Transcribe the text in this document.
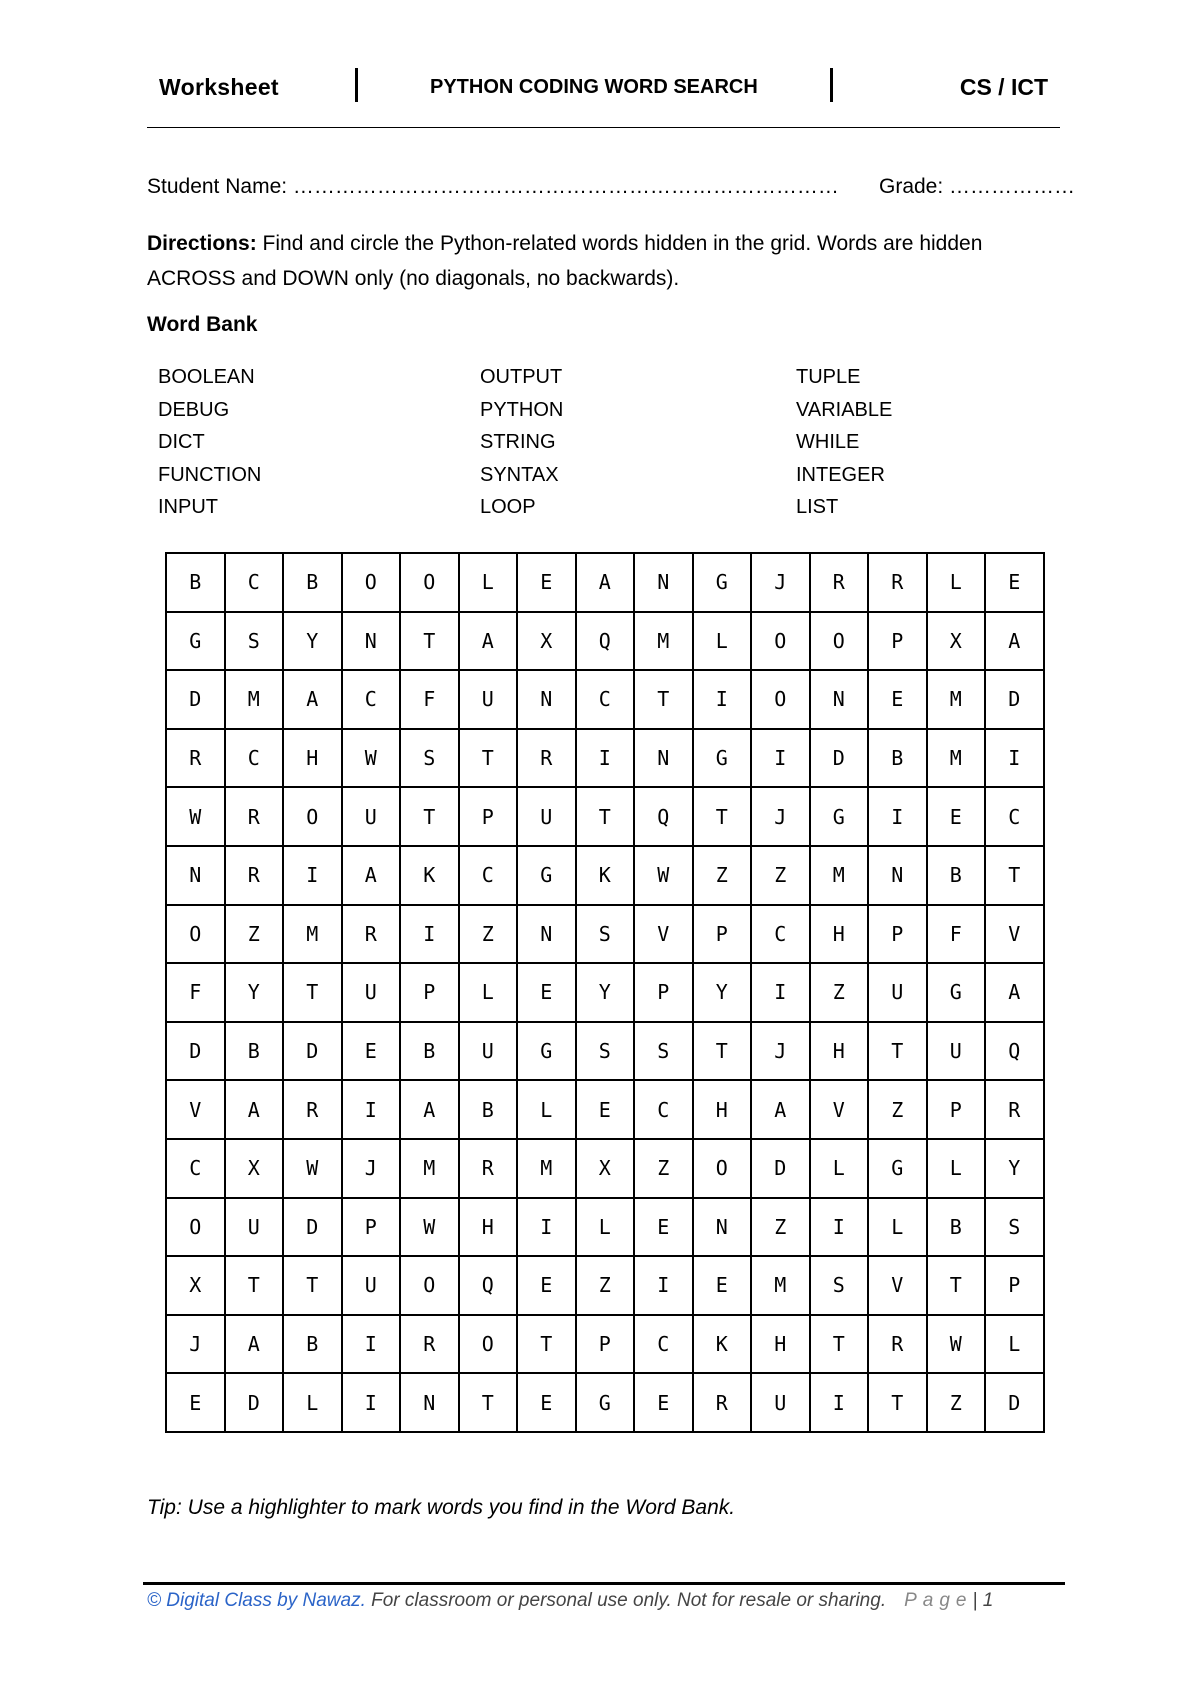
Worksheet	PYTHON CODING WORD SEARCH	CS / ICT
Student Name: …………………………………………………………………… Grade: ………………
Directions: Find and circle the Python-related words hidden in the grid. Words are hidden ACROSS and DOWN only (no diagonals, no backwards).
Word Bank
BOOLEAN
DEBUG
DICT
FUNCTION
INPUT
OUTPUT
PYTHON
STRING
SYNTAX
LOOP
TUPLE
VARIABLE
WHILE
INTEGER
LIST
B	C	B	O	O	L	E	A	N	G	J	R	R	L	E
G	S	Y	N	T	A	X	Q	M	L	O	O	P	X	A
D	M	A	C	F	U	N	C	T	I	O	N	E	M	D
R	C	H	W	S	T	R	I	N	G	I	D	B	M	I
W	R	O	U	T	P	U	T	Q	T	J	G	I	E	C
N	R	I	A	K	C	G	K	W	Z	Z	M	N	B	T
O	Z	M	R	I	Z	N	S	V	P	C	H	P	F	V
F	Y	T	U	P	L	E	Y	P	Y	I	Z	U	G	A
D	B	D	E	B	U	G	S	S	T	J	H	T	U	Q
V	A	R	I	A	B	L	E	C	H	A	V	Z	P	R
C	X	W	J	M	R	M	X	Z	O	D	L	G	L	Y
O	U	D	P	W	H	I	L	E	N	Z	I	L	B	S
X	T	T	U	O	Q	E	Z	I	E	M	S	V	T	P
J	A	B	I	R	O	T	P	C	K	H	T	R	W	L
E	D	L	I	N	T	E	G	E	R	U	I	T	Z	D
Tip: Use a highlighter to mark words you find in the Word Bank.
© Digital Class by Nawaz. For classroom or personal use only. Not for resale or sharing. Page| 1
